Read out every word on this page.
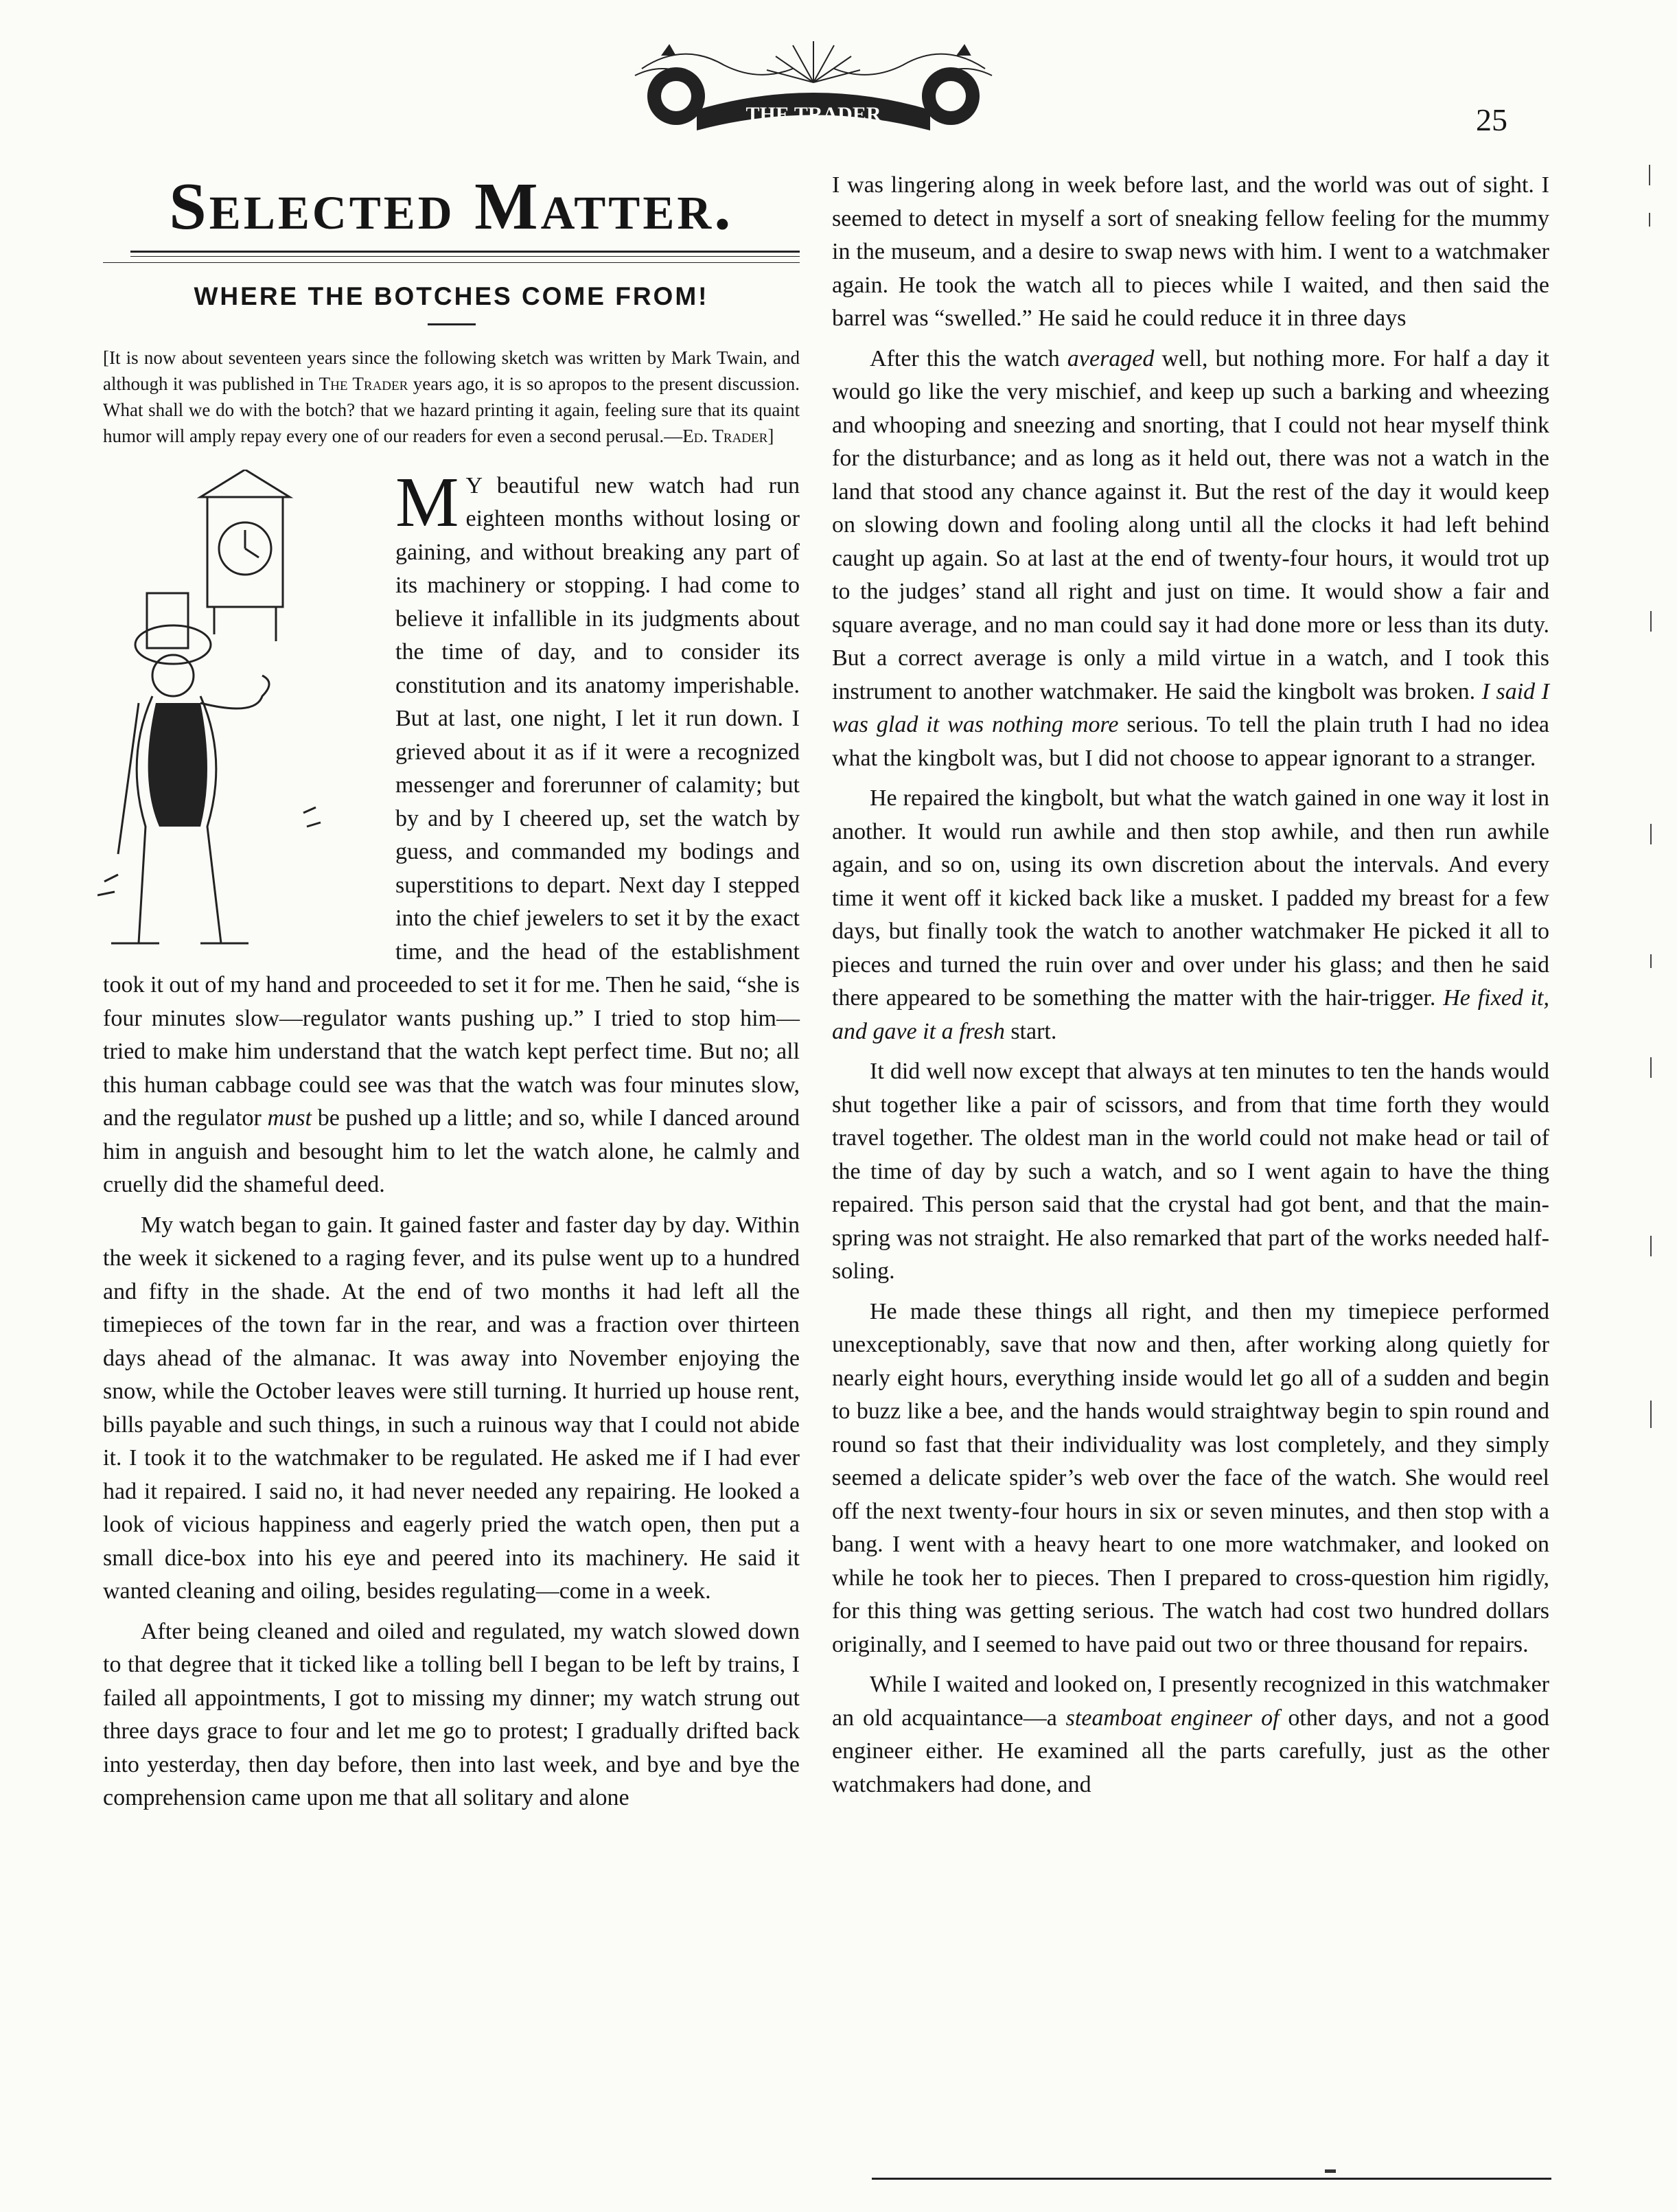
THE TRADER	25
Selected Matter.
WHERE THE BOTCHES COME FROM!

[It is now about seventeen years since the following sketch was written by Mark Twain, and although it was published in The Trader years ago, it is so apropos to the present discussion. What shall we do with the botch? that we hazard printing it again, feeling sure that its quaint humor will amply repay every one of our readers for even a second perusal.—Ed. Trader]

M Y beautiful new watch had run eighteen months without losing or gaining, and without breaking any part of its machinery or stopping. I had come to believe it infallible in its judgments about the time of day, and to consider its constitution and its anatomy imperishable. But at last, one night, I let it run down. I grieved about it as if it were a recognized messenger and forerunner of calamity; but by and by I cheered up, set the watch by guess, and commanded my bodings and superstitions to depart. Next day I stepped into the chief jewelers to set it by the exact time, and the head of the establishment took it out of my hand and proceeded to set it for me. Then he said, “she is four minutes slow—regulator wants pushing up.” I tried to stop him—tried to make him understand that the watch kept perfect time. But no; all this human cabbage could see was that the watch was four minutes slow, and the regulator must be pushed up a little; and so, while I danced around him in anguish and besought him to let the watch alone, he calmly and cruelly did the shameful deed.

My watch began to gain. It gained faster and faster day by day. Within the week it sickened to a raging fever, and its pulse went up to a hundred and fifty in the shade. At the end of two months it had left all the timepieces of the town far in the rear, and was a fraction over thirteen days ahead of the almanac. It was away into November enjoying the snow, while the October leaves were still turning. It hurried up house rent, bills payable and such things, in such a ruinous way that I could not abide it. I took it to the watchmaker to be regulated. He asked me if I had ever had it repaired. I said no, it had never needed any repairing. He looked a look of vicious happiness and eagerly pried the watch open, then put a small dice-box into his eye and peered into its machinery. He said it wanted cleaning and oiling, besides regulating—come in a week.

After being cleaned and oiled and regulated, my watch slowed down to that degree that it ticked like a tolling bell I began to be left by trains, I failed all appointments, I got to missing my dinner; my watch strung out three days grace to four and let me go to protest; I gradually drifted back into yesterday, then day before, then into last week, and bye and bye the comprehension came upon me that all solitary and alone

I was lingering along in week before last, and the world was out of sight. I seemed to detect in myself a sort of sneaking fellow feeling for the mummy in the museum, and a desire to swap news with him. I went to a watchmaker again. He took the watch all to pieces while I waited, and then said the barrel was “swelled.” He said he could reduce it in three days

After this the watch averaged well, but nothing more. For half a day it would go like the very mischief, and keep up such a barking and wheezing and whooping and sneezing and snorting, that I could not hear myself think for the disturbance; and as long as it held out, there was not a watch in the land that stood any chance against it. But the rest of the day it would keep on slowing down and fooling along until all the clocks it had left behind caught up again. So at last at the end of twenty-four hours, it would trot up to the judges’ stand all right and just on time. It would show a fair and square average, and no man could say it had done more or less than its duty. But a correct average is only a mild virtue in a watch, and I took this instrument to another watchmaker. He said the kingbolt was broken. I said I was glad it was nothing more serious. To tell the plain truth I had no idea what the kingbolt was, but I did not choose to appear ignorant to a stranger.

He repaired the kingbolt, but what the watch gained in one way it lost in another. It would run awhile and then stop awhile, and then run awhile again, and so on, using its own discretion about the intervals. And every time it went off it kicked back like a musket. I padded my breast for a few days, but finally took the watch to another watchmaker He picked it all to pieces and turned the ruin over and over under his glass; and then he said there appeared to be something the matter with the hair-trigger. He fixed it, and gave it a fresh start.

It did well now except that always at ten minutes to ten the hands would shut together like a pair of scissors, and from that time forth they would travel together. The oldest man in the world could not make head or tail of the time of day by such a watch, and so I went again to have the thing repaired. This person said that the crystal had got bent, and that the main-spring was not straight. He also remarked that part of the works needed half-soling.

He made these things all right, and then my timepiece performed unexceptionably, save that now and then, after working along quietly for nearly eight hours, everything inside would let go all of a sudden and begin to buzz like a bee, and the hands would straightway begin to spin round and round so fast that their individuality was lost completely, and they simply seemed a delicate spider’s web over the face of the watch. She would reel off the next twenty-four hours in six or seven minutes, and then stop with a bang. I went with a heavy heart to one more watchmaker, and looked on while he took her to pieces. Then I prepared to cross-question him rigidly, for this thing was getting serious. The watch had cost two hundred dollars originally, and I seemed to have paid out two or three thousand for repairs.

While I waited and looked on, I presently recognized in this watchmaker an old acquaintance—a steamboat engineer of other days, and not a good engineer either. He examined all the parts carefully, just as the other watchmakers had done, and
